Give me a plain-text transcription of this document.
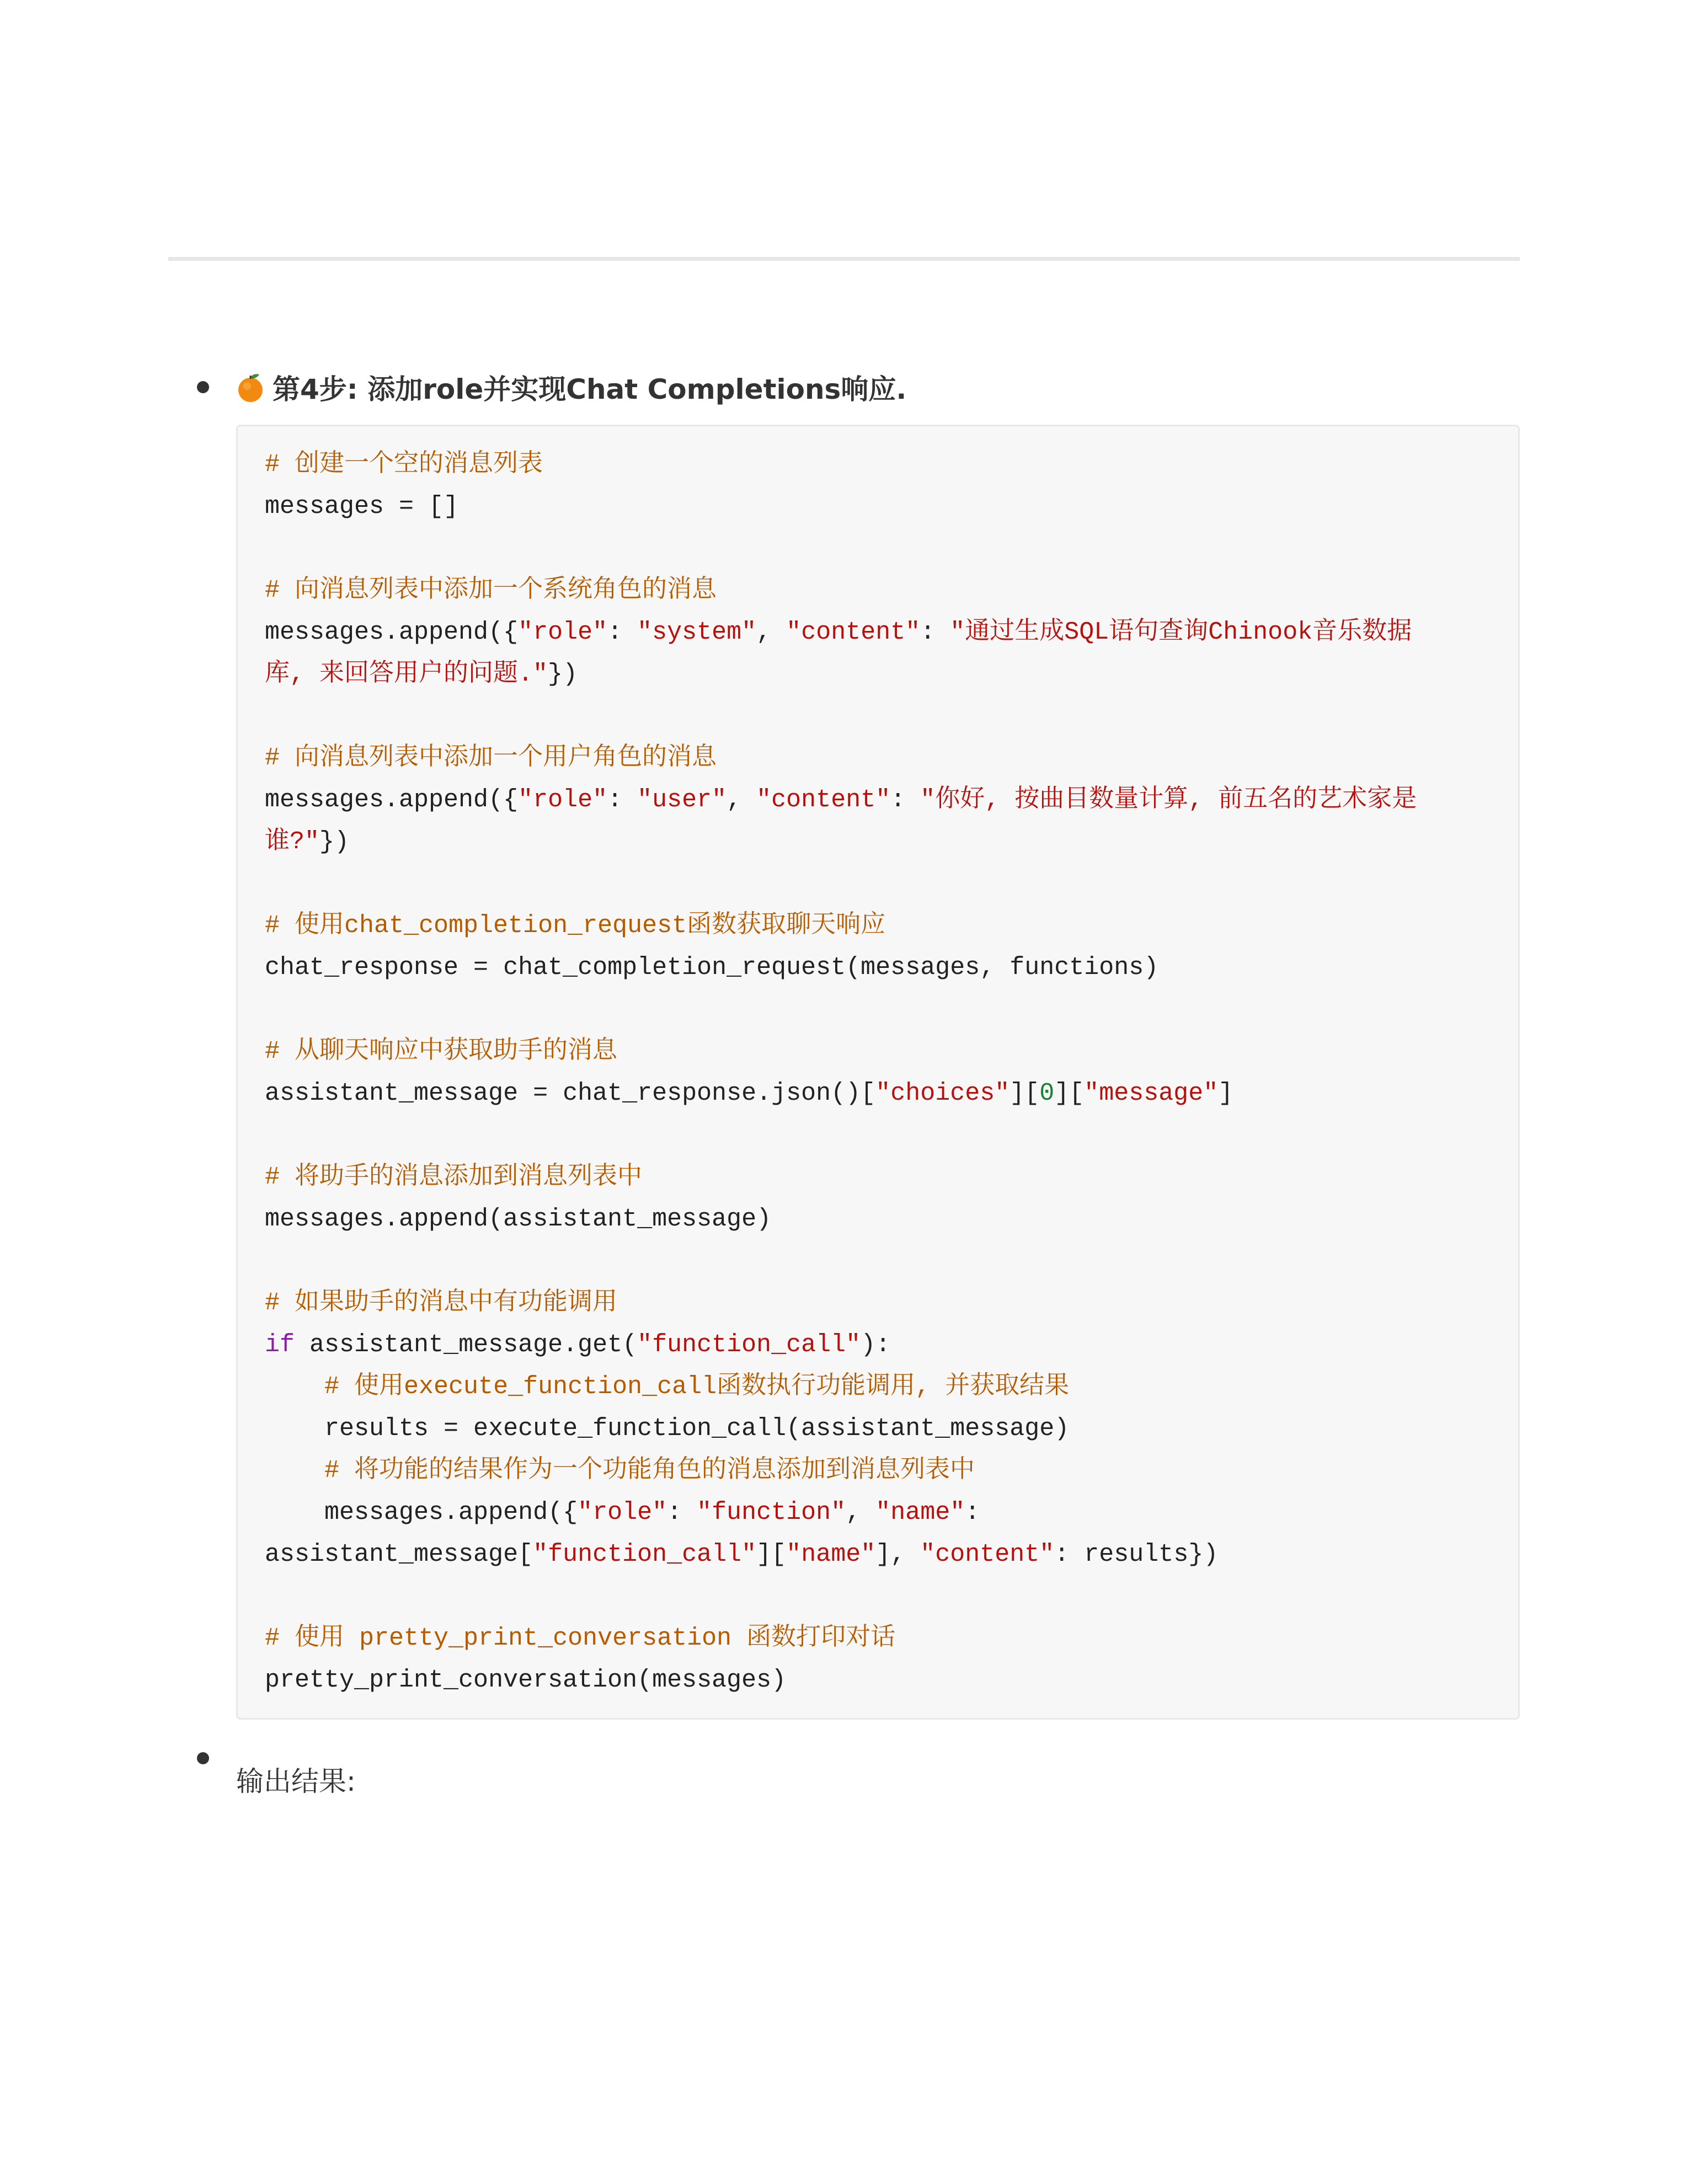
第4步: 添加role并实现Chat Completions响应.
# 创建一个空的消息列表
messages = []

# 向消息列表中添加一个系统角色的消息
messages.append({"role": "system", "content": "通过生成SQL语句查询Chinook音乐数据
库, 来回答用户的问题."})

# 向消息列表中添加一个用户角色的消息
messages.append({"role": "user", "content": "你好, 按曲目数量计算, 前五名的艺术家是
谁?"})

# 使用chat_completion_request函数获取聊天响应
chat_response = chat_completion_request(messages, functions)

# 从聊天响应中获取助手的消息
assistant_message = chat_response.json()["choices"][0]["message"]

# 将助手的消息添加到消息列表中
messages.append(assistant_message)

# 如果助手的消息中有功能调用
if assistant_message.get("function_call"):
# 使用execute_function_call函数执行功能调用, 并获取结果
results = execute_function_call(assistant_message)
# 将功能的结果作为一个功能角色的消息添加到消息列表中
messages.append({"role": "function", "name":
assistant_message["function_call"]["name"], "content": results})

# 使用 pretty_print_conversation 函数打印对话
pretty_print_conversation(messages)
输出结果:
